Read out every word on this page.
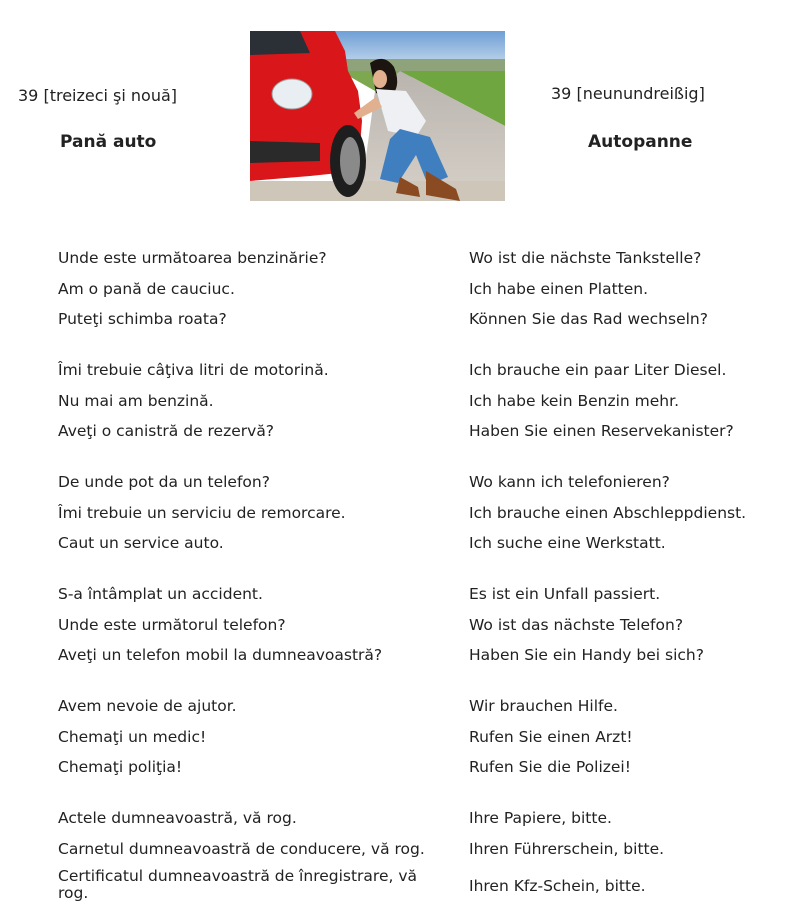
39 [treizeci şi nouă]	39 [neunundreißig]
Pană auto	Autopanne
Unde este următoarea benzinărie?	Wo ist die nächste Tankstelle?
Am o pană de cauciuc.	Ich habe einen Platten.
Puteţi schimba roata?	Können Sie das Rad wechseln?
Îmi trebuie câţiva litri de motorină.	Ich brauche ein paar Liter Diesel.
Nu mai am benzină.	Ich habe kein Benzin mehr.
Aveţi o canistră de rezervă?	Haben Sie einen Reservekanister?
De unde pot da un telefon?	Wo kann ich telefonieren?
Îmi trebuie un serviciu de remorcare.	Ich brauche einen Abschleppdienst.
Caut un service auto.	Ich suche eine Werkstatt.
S-a întâmplat un accident.	Es ist ein Unfall passiert.
Unde este următorul telefon?	Wo ist das nächste Telefon?
Aveţi un telefon mobil la dumneavoastră?	Haben Sie ein Handy bei sich?
Avem nevoie de ajutor.	Wir brauchen Hilfe.
Chemaţi un medic!	Rufen Sie einen Arzt!
Chemaţi poliţia!	Rufen Sie die Polizei!
Actele dumneavoastră, vă rog.	Ihre Papiere, bitte.
Carnetul dumneavoastră de conducere, vă rog.	Ihren Führerschein, bitte.
Certificatul dumneavoastră de înregistrare, vă rog.	Ihren Kfz-Schein, bitte.
